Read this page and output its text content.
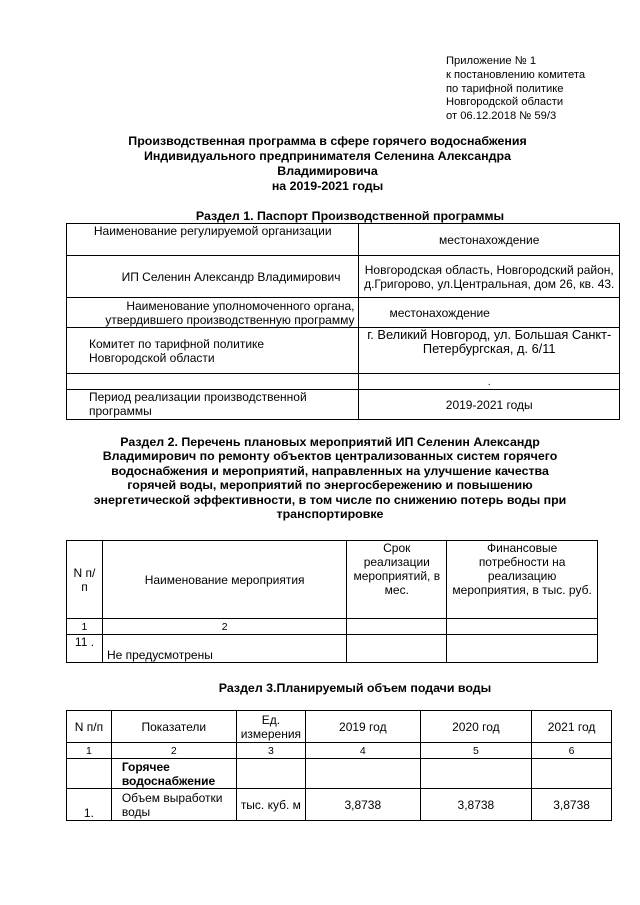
Приложение № 1
к постановлению комитета
по тарифной политике
Новгородской области
от 06.12.2018 № 59/3
Производственная программа в сфере горячего водоснабжения
Индивидуального предпринимателя Селенина Александра
Владимировича
на 2019-2021 годы
Раздел 1. Паспорт Производственной программы
Наименование регулируемой организации	местонахождение
ИП Селенин Александр Владимирович	Новгородская область, Новгородский район, д.Григорово, ул.Центральная, дом 26, кв. 43.
Наименование уполномоченного органа, утвердившего производственную программу	местонахождение
Комитет по тарифной политике Новгородской области	г. Великий Новгород, ул. Большая Санкт-Петербургская, д. 6/11
	.
Период реализации производственной программы	2019-2021 годы
Раздел 2. Перечень плановых мероприятий ИП Селенин Александр
Владимирович по ремонту объектов централизованных систем горячего
водоснабжения и мероприятий, направленных на улучшение качества
горячей воды, мероприятий по энергосбережению и повышению
энергетической эффективности, в том числе по снижению потерь воды при
транспортировке
N п/п	Наименование мероприятия	Срок реализации мероприятий, в мес.	Финансовые потребности на реализацию мероприятия, в тыс. руб.
1	2		
11 .	Не предусмотрены		
Раздел 3.Планируемый объем подачи воды
N п/п	Показатели	Ед. измерения	2019 год	2020 год	2021 год
1	2	3	4	5	6
	Горячее водоснабжение				
1.	Объем выработки воды	тыс. куб. м	3,8738	3,8738	3,8738
